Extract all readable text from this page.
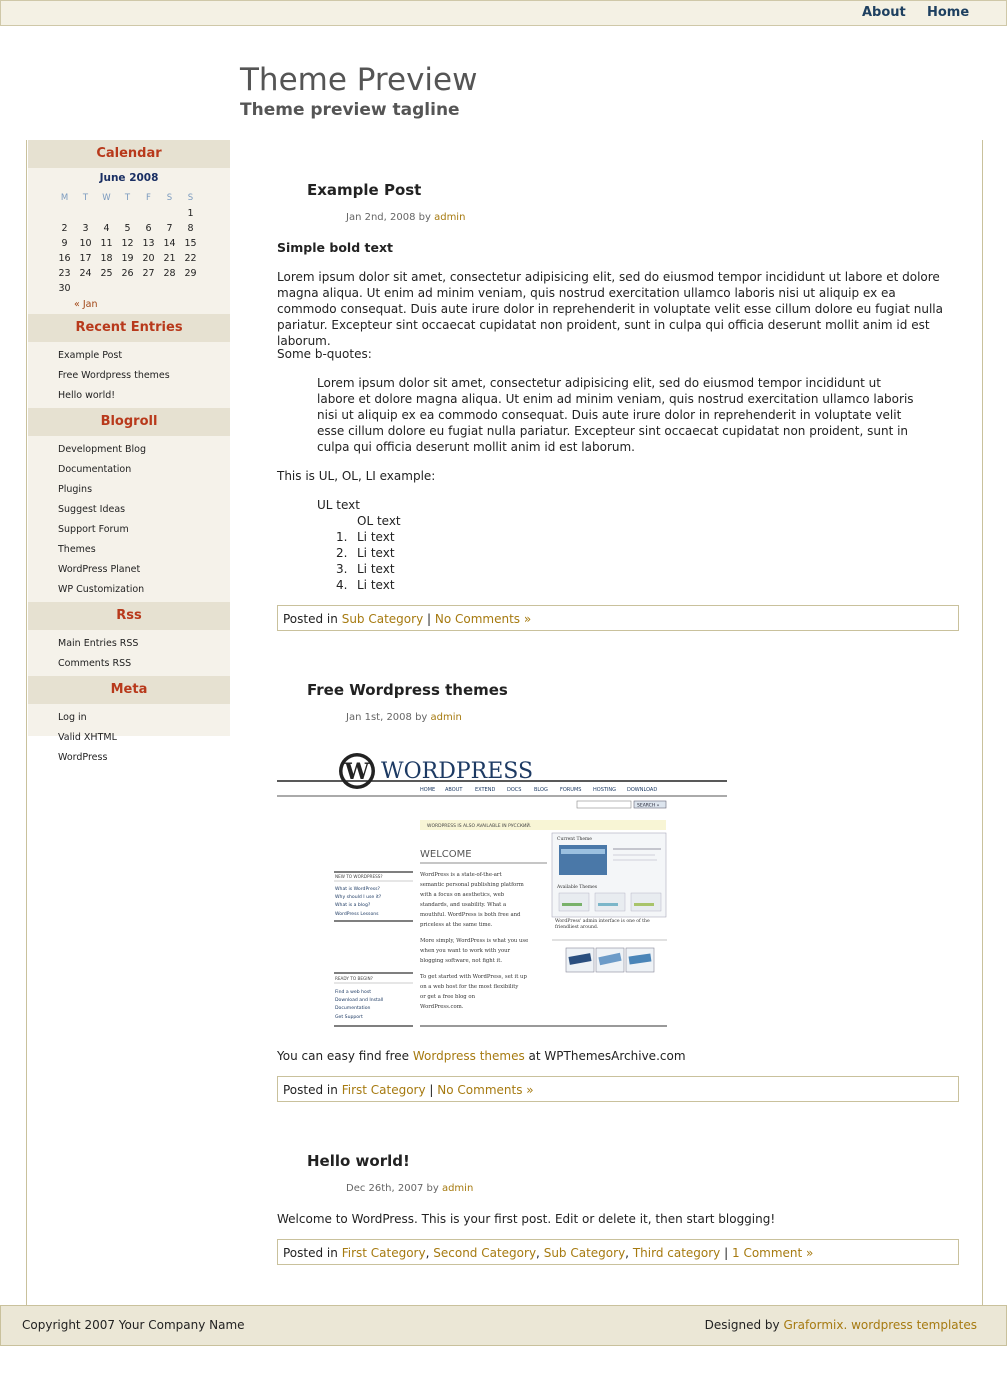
About Home
Theme Preview
Theme preview tagline
Calendar
June 2008
M	T	W	T	F	S	S
						1
2	3	4	5	6	7	8
9	10	11	12	13	14	15
16	17	18	19	20	21	22
23	24	25	26	27	28	29
30						
« Jan
Recent Entries
Example Post
Free Wordpress themes
Hello world!
Blogroll
Development Blog
Documentation
Plugins
Suggest Ideas
Support Forum
Themes
WordPress Planet
WP Customization
Rss
Main Entries RSS
Comments RSS
Meta
Log in
Valid XHTML
WordPress
Example Post
Jan 2nd, 2008 by admin
Simple bold text

Lorem ipsum dolor sit amet, consectetur adipisicing elit, sed do eiusmod tempor incididunt ut labore et dolore magna aliqua. Ut enim ad minim veniam, quis nostrud exercitation ullamco laboris nisi ut aliquip ex ea commodo consequat. Duis aute irure dolor in reprehenderit in voluptate velit esse cillum dolore eu fugiat nulla pariatur. Excepteur sint occaecat cupidatat non proident, sunt in culpa qui officia deserunt mollit anim id est laborum.

Some b-quotes:
Lorem ipsum dolor sit amet, consectetur adipisicing elit, sed do eiusmod tempor incididunt ut labore et dolore magna aliqua. Ut enim ad minim veniam, quis nostrud exercitation ullamco laboris nisi ut aliquip ex ea commodo consequat. Duis aute irure dolor in reprehenderit in voluptate velit esse cillum dolore eu fugiat nulla pariatur. Excepteur sint occaecat cupidatat non proident, sunt in culpa qui officia deserunt mollit anim id est laborum.
This is UL, OL, LI example:
UL text
OL text
1. Li text
2. Li text
3. Li text
4. Li text
Posted in Sub Category | No Comments »
Free Wordpress themes
Jan 1st, 2008 by admin
W WORDPRESS
HOME ABOUT	EXTEND DOCS	BLOG FORUMS HOSTING DOWNLOAD
SEARCH »
WORDPRESS IS ALSO AVAILABLE IN РУССКИЙ.
WELCOME
WordPress is a state-of-the-art
semantic personal publishing platform
with a focus on aesthetics, web
standards, and usability. What a
mouthful. WordPress is both free and
priceless at the same time.
More simply, WordPress is what you use
when you want to work with your
blogging software, not fight it.
To get started with WordPress, set it up
on a web host for the most flexibility
or get a free blog on
WordPress.com.
NEW TO WORDPRESS?
What is WordPress?
Why should I use it?
What is a blog?
WordPress Lessons
READY TO BEGIN?
Find a web host
Download and Install
Documentation
Get Support
Current Theme
Available Themes
WordPress' admin interface is one of the
friendliest around.
You can easy find free Wordpress themes at WPThemesArchive.com
Posted in First Category | No Comments »
Hello world!
Dec 26th, 2007 by admin
Welcome to WordPress. This is your first post. Edit or delete it, then start blogging!
Posted in First Category, Second Category, Sub Category, Third category | 1 Comment »
Copyright 2007 Your Company Name	Designed by Graformix. wordpress templates
